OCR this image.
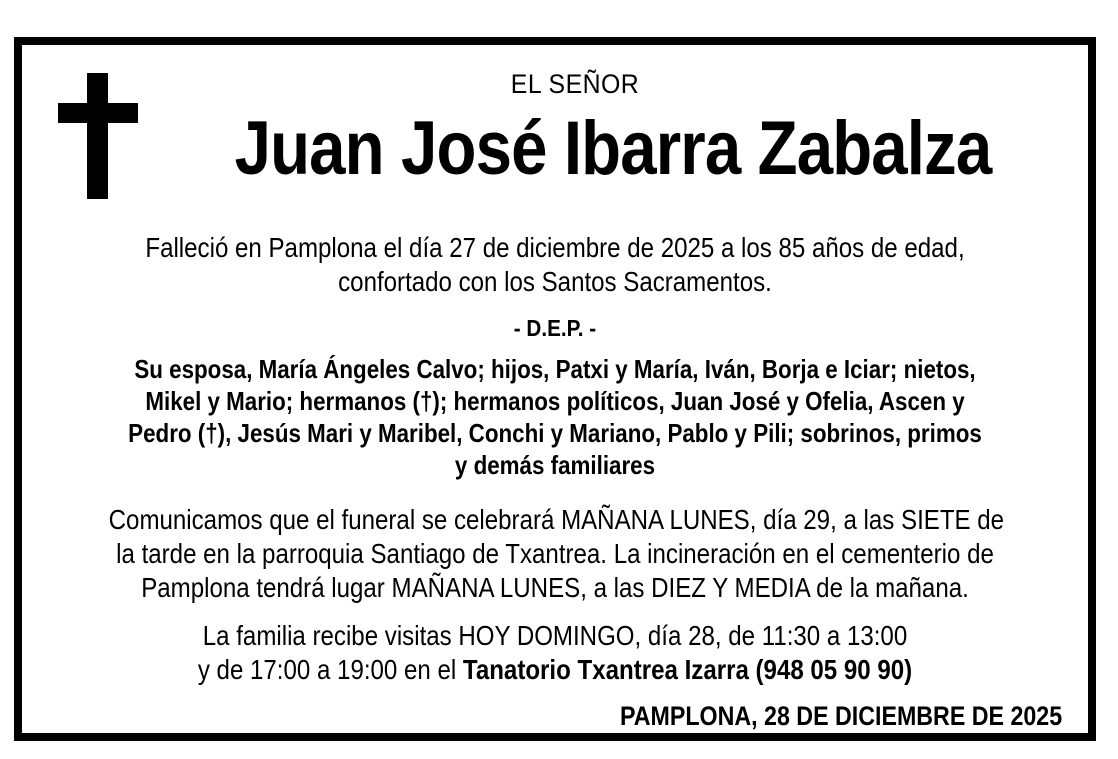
EL SEÑOR
Juan José Ibarra Zabalza
Falleció en Pamplona el día 27 de diciembre de 2025 a los 85 años de edad,
confortado con los Santos Sacramentos.
- D.E.P. -
Su esposa, María Ángeles Calvo; hijos, Patxi y María, Iván, Borja e Iciar; nietos,
Mikel y Mario; hermanos (†); hermanos políticos, Juan José y Ofelia, Ascen y
Pedro (†), Jesús Mari y Maribel, Conchi y Mariano, Pablo y Pili; sobrinos, primos
y demás familiares
Comunicamos que el funeral se celebrará MAÑANA LUNES, día 29, a las SIETE de
la tarde en la parroquia Santiago de Txantrea. La incineración en el cementerio de
Pamplona tendrá lugar MAÑANA LUNES, a las DIEZ Y MEDIA de la mañana.
La familia recibe visitas HOY DOMINGO, día 28, de 11:30 a 13:00
y de 17:00 a 19:00 en el Tanatorio Txantrea Izarra (948 05 90 90)
PAMPLONA, 28 DE DICIEMBRE DE 2025
